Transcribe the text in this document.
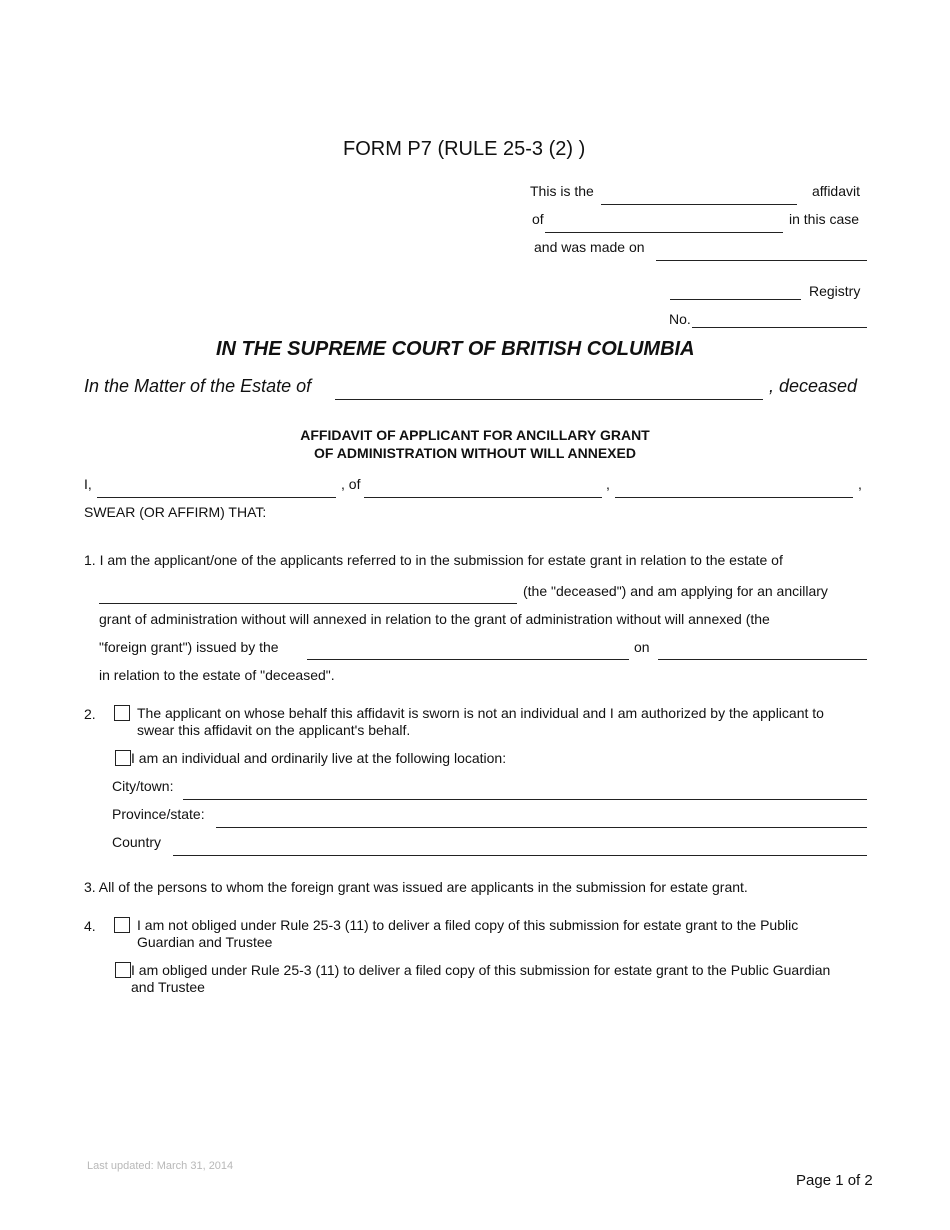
FORM P7 (RULE 25-3 (2) )
This is the	affidavit
of	in this case
and was made on
Registry
No.
IN THE SUPREME COURT OF BRITISH COLUMBIA
In the Matter of the Estate of	, deceased
AFFIDAVIT OF APPLICANT FOR ANCILLARY GRANT
OF ADMINISTRATION WITHOUT WILL ANNEXED
I,	, of	,	,
SWEAR (OR AFFIRM) THAT:
1. I am the applicant/one of the applicants referred to in the submission for estate grant in relation to the estate of
(the "deceased") and am applying for an ancillary
grant of administration without will annexed in relation to the grant of administration without will annexed (the
"foreign grant") issued by the	on
in relation to the estate of "deceased".
2.	The applicant on whose behalf this affidavit is sworn is not an individual and I am authorized by the applicant to swear this affidavit on the applicant's behalf.
I am an individual and ordinarily live at the following location:
City/town:
Province/state:
Country
3. All of the persons to whom the foreign grant was issued are applicants in the submission for estate grant.
4.	I am not obliged under Rule 25-3 (11) to deliver a filed copy of this submission for estate grant to the Public Guardian and Trustee
I am obliged under Rule 25-3 (11) to deliver a filed copy of this submission for estate grant to the Public Guardian and Trustee
Last updated: March 31, 2014
Page 1 of 2
